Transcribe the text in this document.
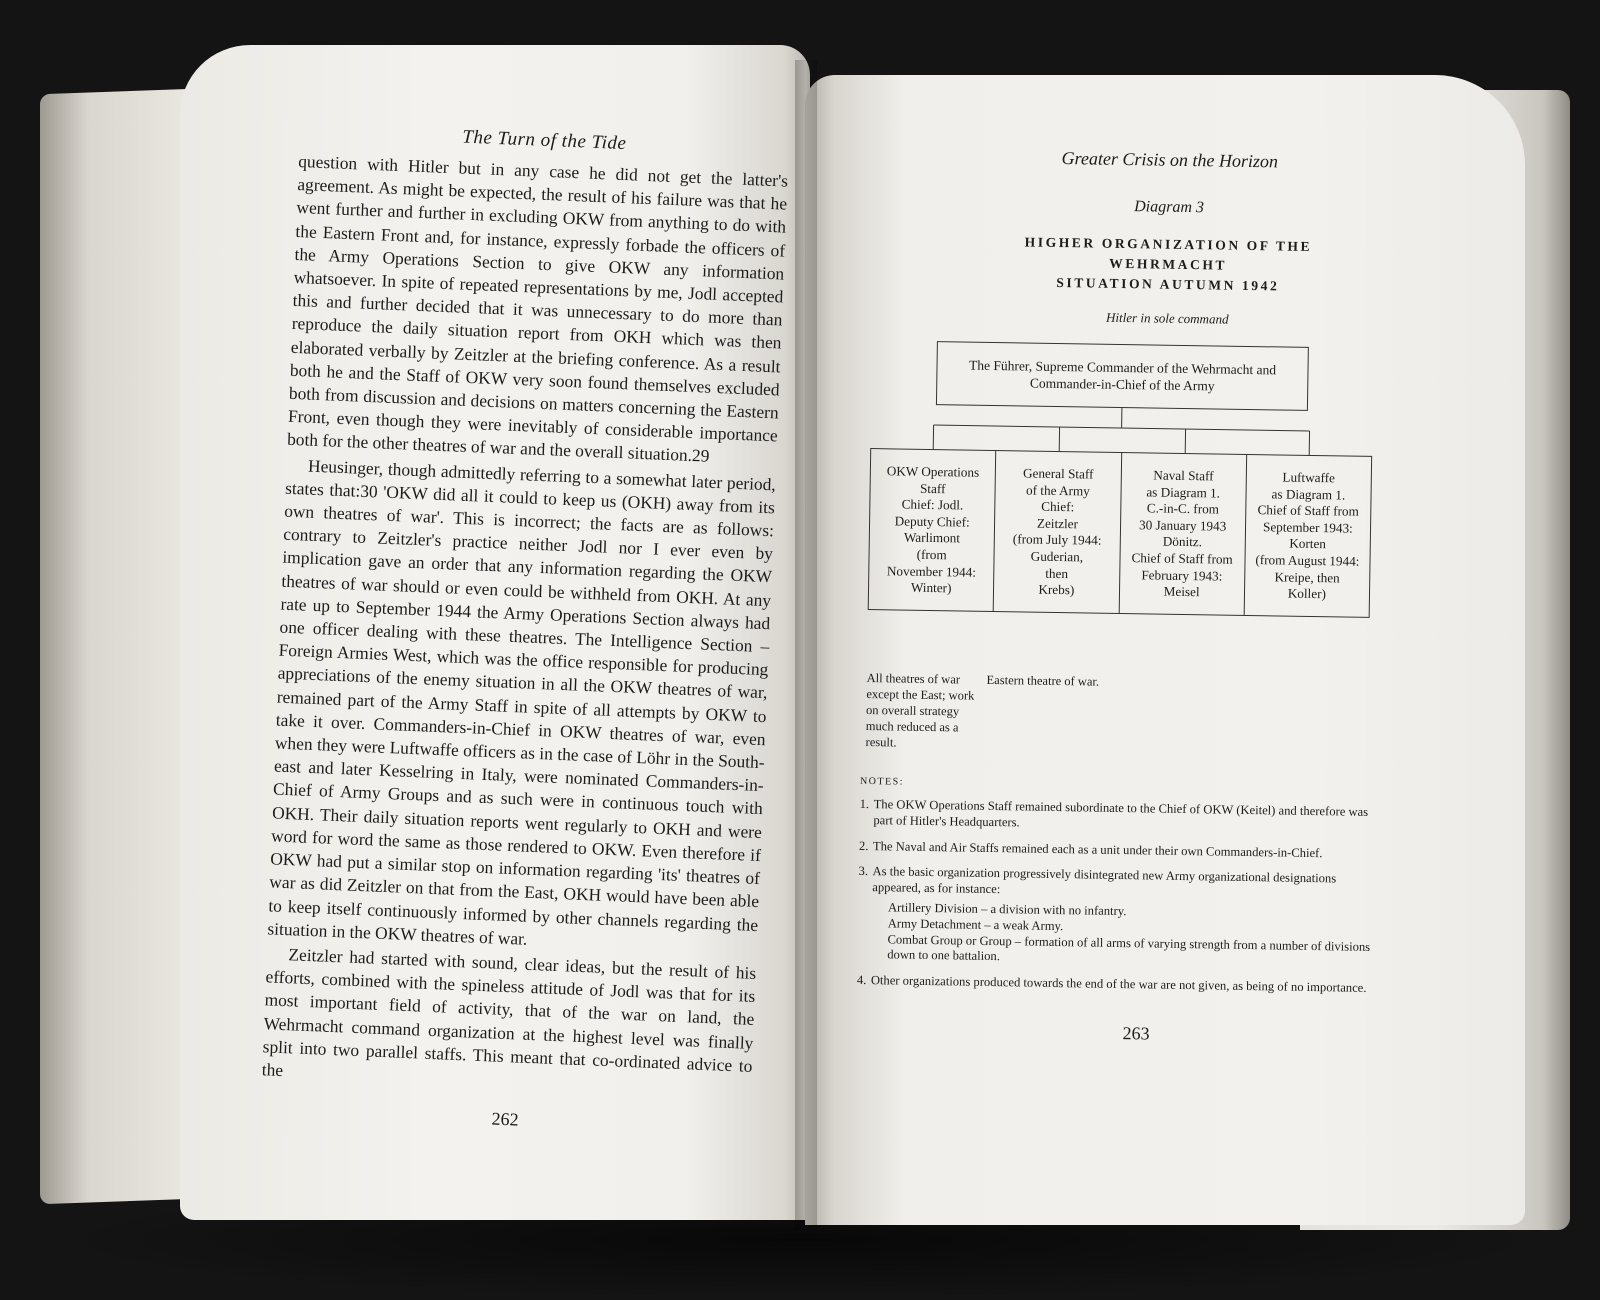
The Turn of the Tide

question with Hitler but in any case he did not get the latter's agreement. As might be expected, the result of his failure was that he went further and further in excluding OKW from anything to do with the Eastern Front and, for instance, expressly forbade the officers of the Army Operations Section to give OKW any information whatsoever. In spite of repeated representations by me, Jodl accepted this and further decided that it was unnecessary to do more than reproduce the daily situation report from OKH which was then elaborated verbally by Zeitzler at the briefing conference. As a result both he and the Staff of OKW very soon found themselves excluded both from discussion and decisions on matters concerning the Eastern Front, even though they were inevitably of considerable importance both for the other theatres of war and the overall situation.29

Heusinger, though admittedly referring to a somewhat later period, states that:30 'OKW did all it could to keep us (OKH) away from its own theatres of war'. This is incorrect; the facts are as follows: contrary to Zeitzler's practice neither Jodl nor I ever even by implication gave an order that any information regarding the OKW theatres of war should or even could be withheld from OKH. At any rate up to September 1944 the Army Operations Section always had one officer dealing with these theatres. The Intelligence Section – Foreign Armies West, which was the office responsible for producing appreciations of the enemy situation in all the OKW theatres of war, remained part of the Army Staff in spite of all attempts by OKW to take it over. Commanders-in-Chief in OKW theatres of war, even when they were Luftwaffe officers as in the case of Löhr in the South-east and later Kesselring in Italy, were nominated Commanders-in-Chief of Army Groups and as such were in continuous touch with OKH. Their daily situation reports went regularly to OKH and were word for word the same as those rendered to OKW. Even therefore if OKW had put a similar stop on information regarding 'its' theatres of war as did Zeitzler on that from the East, OKH would have been able to keep itself continuously informed by other channels regarding the situation in the OKW theatres of war.

Zeitzler had started with sound, clear ideas, but the result of his efforts, combined with the spineless attitude of Jodl was that for its most important field of activity, that of the war on land, the Wehrmacht command organization at the highest level was finally split into two parallel staffs. This meant that co-ordinated advice to the

262
Greater Crisis on the Horizon
Diagram 3
HIGHER ORGANIZATION OF THE
WEHRMACHT
SITUATION AUTUMN 1942
Hitler in sole command
The Führer, Supreme Commander of the Wehrmacht and Commander-in-Chief of the Army
OKW Operations
Staff
Chief: Jodl.
Deputy Chief:
Warlimont
(from
November 1944:
Winter)
General Staff
of the Army
Chief:
Zeitzler
(from July 1944:
Guderian,
then
Krebs)
Naval Staff
as Diagram 1.
C.-in-C. from
30 January 1943
Dönitz.
Chief of Staff from
February 1943:
Meisel
Luftwaffe
as Diagram 1.
Chief of Staff from
September 1943:
Korten
(from August 1944:
Kreipe, then
Koller)
All theatres of war except the East; work on overall strategy much reduced as a result.
Eastern theatre of war.
NOTES:
1. The OKW Operations Staff remained subordinate to the Chief of OKW (Keitel) and therefore was part of Hitler's Headquarters.
2. The Naval and Air Staffs remained each as a unit under their own Commanders-in-Chief.
3. As the basic organization progressively disintegrated new Army organizational designations appeared, as for instance:
Artillery Division – a division with no infantry.
Army Detachment – a weak Army.
Combat Group or Group – formation of all arms of varying strength from a number of divisions down to one battalion.
4. Other organizations produced towards the end of the war are not given, as being of no importance.
263
